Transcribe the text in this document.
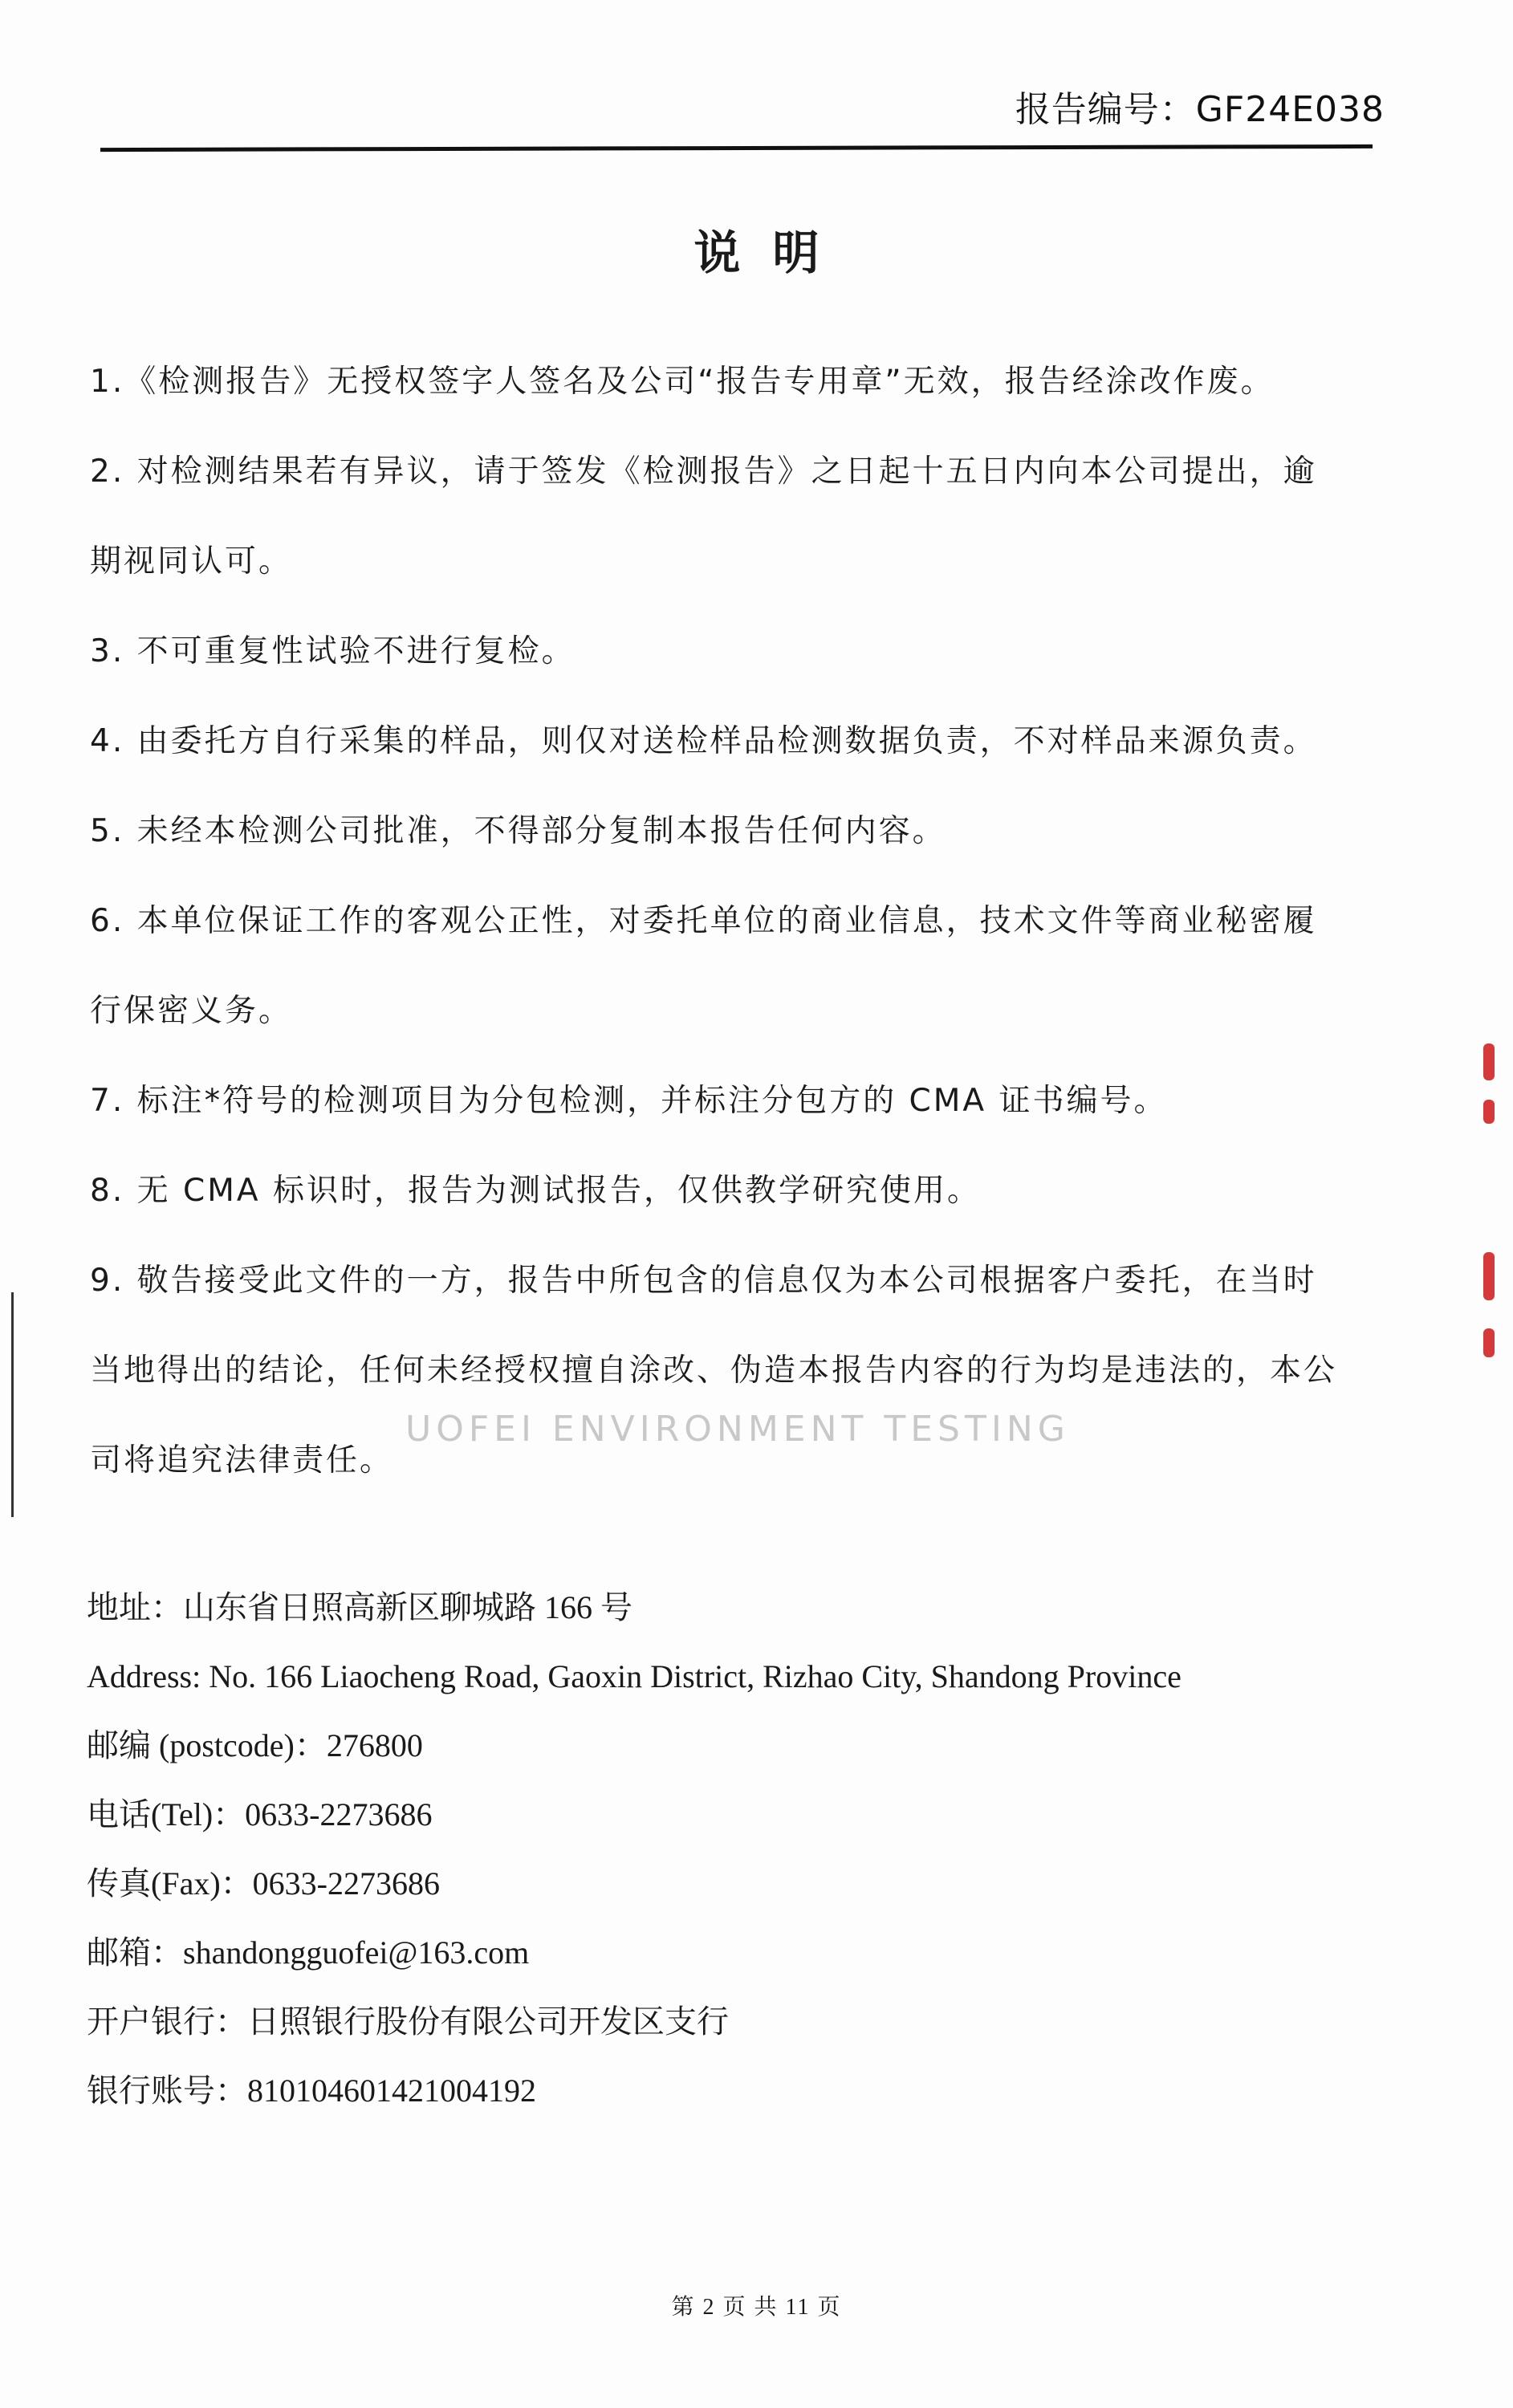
报告编号：GF24E038
说明
1.《检测报告》无授权签字人签名及公司“报告专用章”无效，报告经涂改作废。
2. 对检测结果若有异议，请于签发《检测报告》之日起十五日内向本公司提出，逾
期视同认可。
3. 不可重复性试验不进行复检。
4. 由委托方自行采集的样品，则仅对送检样品检测数据负责，不对样品来源负责。
5. 未经本检测公司批准，不得部分复制本报告任何内容。
6. 本单位保证工作的客观公正性，对委托单位的商业信息，技术文件等商业秘密履
行保密义务。
7. 标注*符号的检测项目为分包检测，并标注分包方的 CMA 证书编号。
8. 无 CMA 标识时，报告为测试报告，仅供教学研究使用。
9. 敬告接受此文件的一方，报告中所包含的信息仅为本公司根据客户委托，在当时
当地得出的结论，任何未经授权擅自涂改、伪造本报告内容的行为均是违法的，本公
司将追究法律责任。
UOFEI ENVIRONMENT TESTING
地址：山东省日照高新区聊城路 166 号
Address: No. 166 Liaocheng Road, Gaoxin District, Rizhao City, Shandong Province
邮编 (postcode)：276800
电话(Tel)：0633-2273686
传真(Fax)：0633-2273686
邮箱：shandongguofei@163.com
开户银行：日照银行股份有限公司开发区支行
银行账号：810104601421004192
第 2 页 共 11 页
